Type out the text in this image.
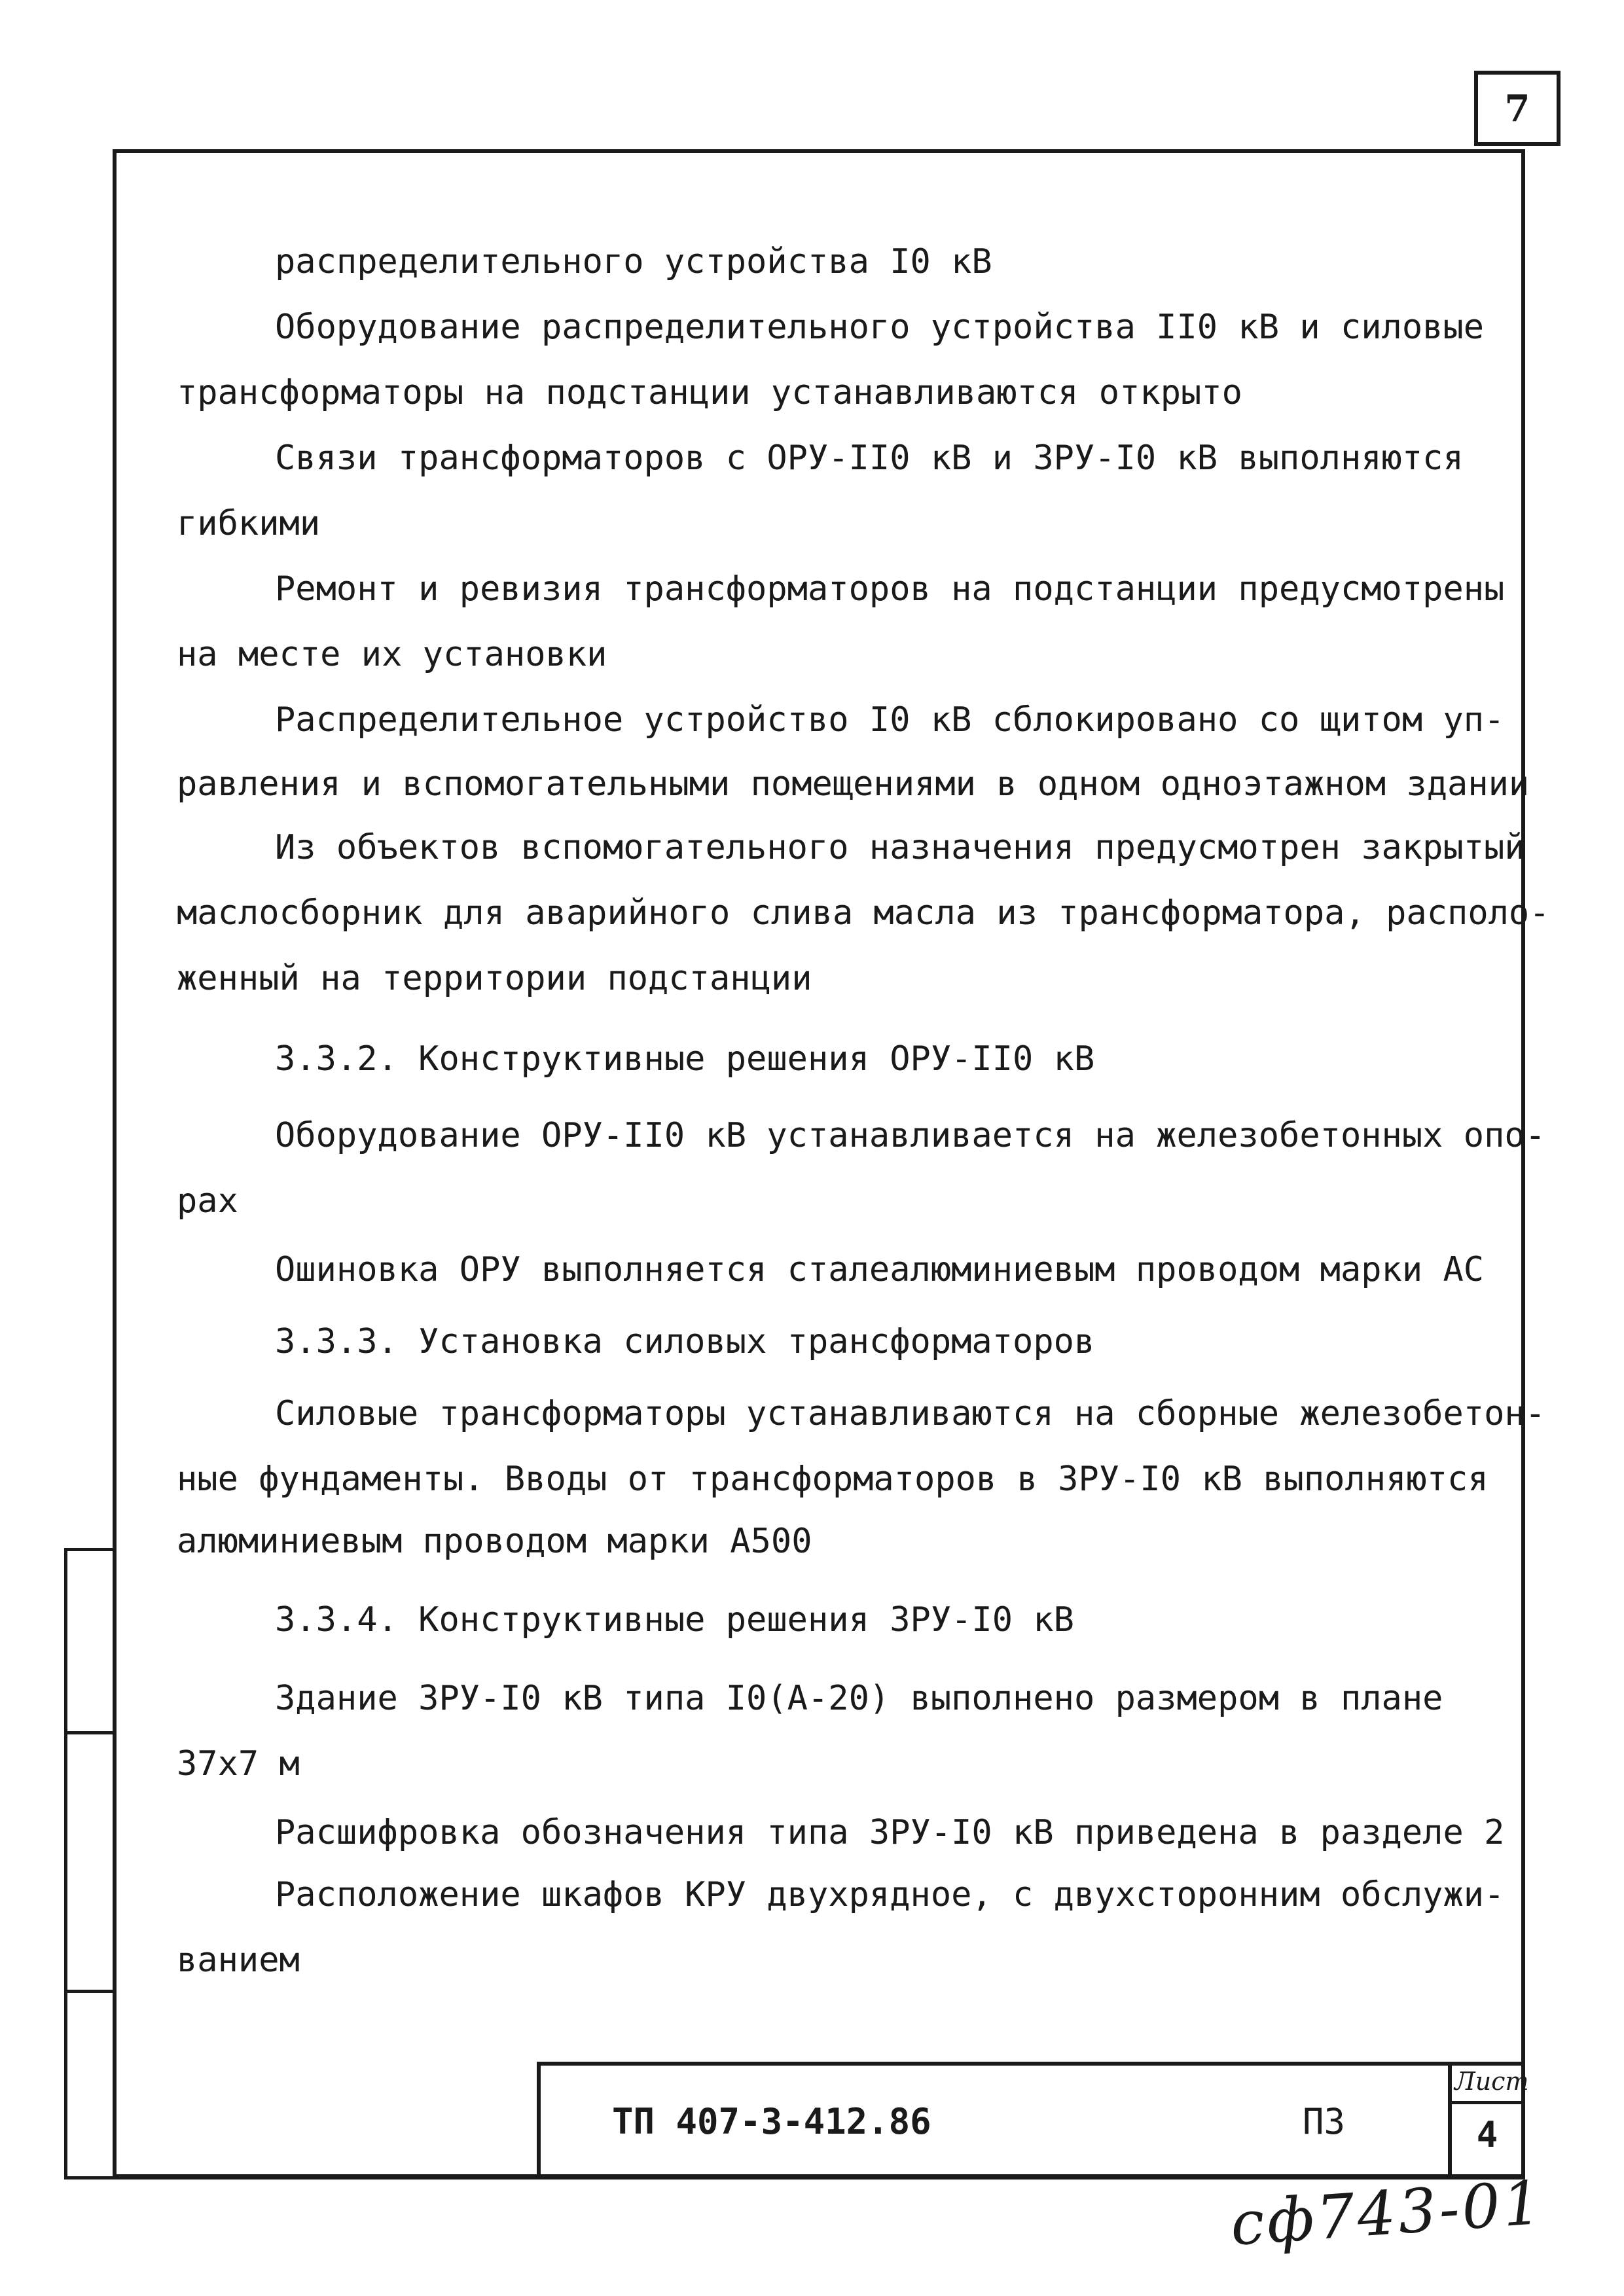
7
распределительного устройства I0 кВ
Оборудование распределительного устройства II0 кВ и силовые
трансформаторы на подстанции устанавливаются открыто
Связи трансформаторов с ОРУ-II0 кВ и ЗРУ-I0 кВ выполняются
гибкими
Ремонт и ревизия трансформаторов на подстанции предусмотрены
на месте их установки
Распределительное устройство I0 кВ сблокировано со щитом уп-
равления и вспомогательными помещениями в одном одноэтажном здании
Из объектов вспомогательного назначения предусмотрен закрытый
маслосборник для аварийного слива масла из трансформатора, располо-
женный на территории подстанции
3.3.2. Конструктивные решения ОРУ-II0 кВ
Оборудование ОРУ-II0 кВ устанавливается на железобетонных опо-
рах
Ошиновка ОРУ выполняется сталеалюминиевым проводом марки АС
3.3.3. Установка силовых трансформаторов
Силовые трансформаторы устанавливаются на сборные железобетон-
ные фундаменты. Вводы от трансформаторов в ЗРУ-I0 кВ выполняются
алюминиевым проводом марки А500
3.3.4. Конструктивные решения ЗРУ-I0 кВ
Здание ЗРУ-I0 кВ типа I0(А-20) выполнено размером в плане
37х7 м
Расшифровка обозначения типа ЗРУ-I0 кВ приведена в разделе 2
Расположение шкафов КРУ двухрядное, с двухсторонним обслужи-
ванием
ТП 407-3-412.86	ПЗ
Лист
4
сф743-01
